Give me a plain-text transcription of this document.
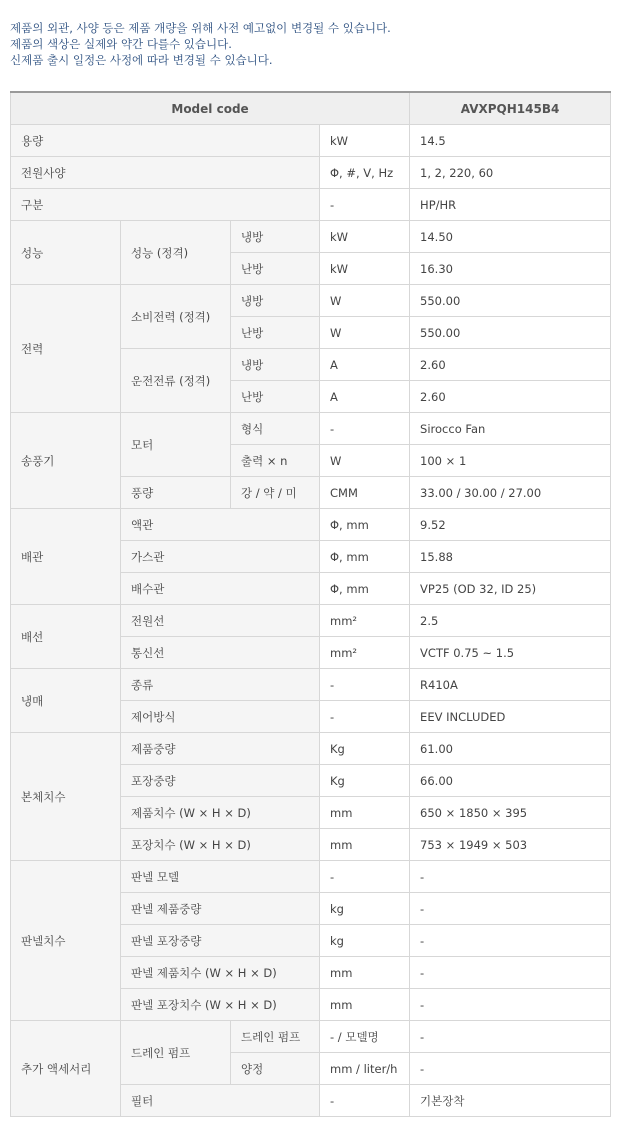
제품의 외관, 사양 등은 제품 개량을 위해 사전 예고없이 변경될 수 있습니다.
제품의 색상은 실제와 약간 다를수 있습니다.
신제품 출시 일정은 사정에 따라 변경될 수 있습니다.
Model code				AVXPQH145B4
용량			kW	14.5
전원사양			Φ, #, V, Hz	1, 2, 220, 60
구분			-	HP/HR
성능	성능 (정격)	냉방	kW	14.50
		난방	kW	16.30
전력	소비전력 (정격)	냉방	W	550.00
		난방	W	550.00
	운전전류 (정격)	냉방	A	2.60
		난방	A	2.60
송풍기	모터	형식	-	Sirocco Fan
		출력 × n	W	100 × 1
	풍량	강 / 약 / 미	CMM	33.00 / 30.00 / 27.00
배관	액관		Φ, mm	9.52
	가스관		Φ, mm	15.88
	배수관		Φ, mm	VP25 (OD 32, ID 25)
배선	전원선		mm²	2.5
	통신선		mm²	VCTF 0.75 ~ 1.5
냉매	종류		-	R410A
	제어방식		-	EEV INCLUDED
본체치수	제품중량		Kg	61.00
	포장중량		Kg	66.00
	제품치수 (W × H × D)		mm	650 × 1850 × 395
	포장치수 (W × H × D)		mm	753 × 1949 × 503
판넬치수	판넬 모델		-	-
	판넬 제품중량		kg	-
	판넬 포장중량		kg	-
	판넬 제품치수 (W × H × D)		mm	-
	판넬 포장치수 (W × H × D)		mm	-
추가 액세서리	드레인 펌프	드레인 펌프	- / 모델명	-
		양정	mm / liter/h	-
	필터		-	기본장착
